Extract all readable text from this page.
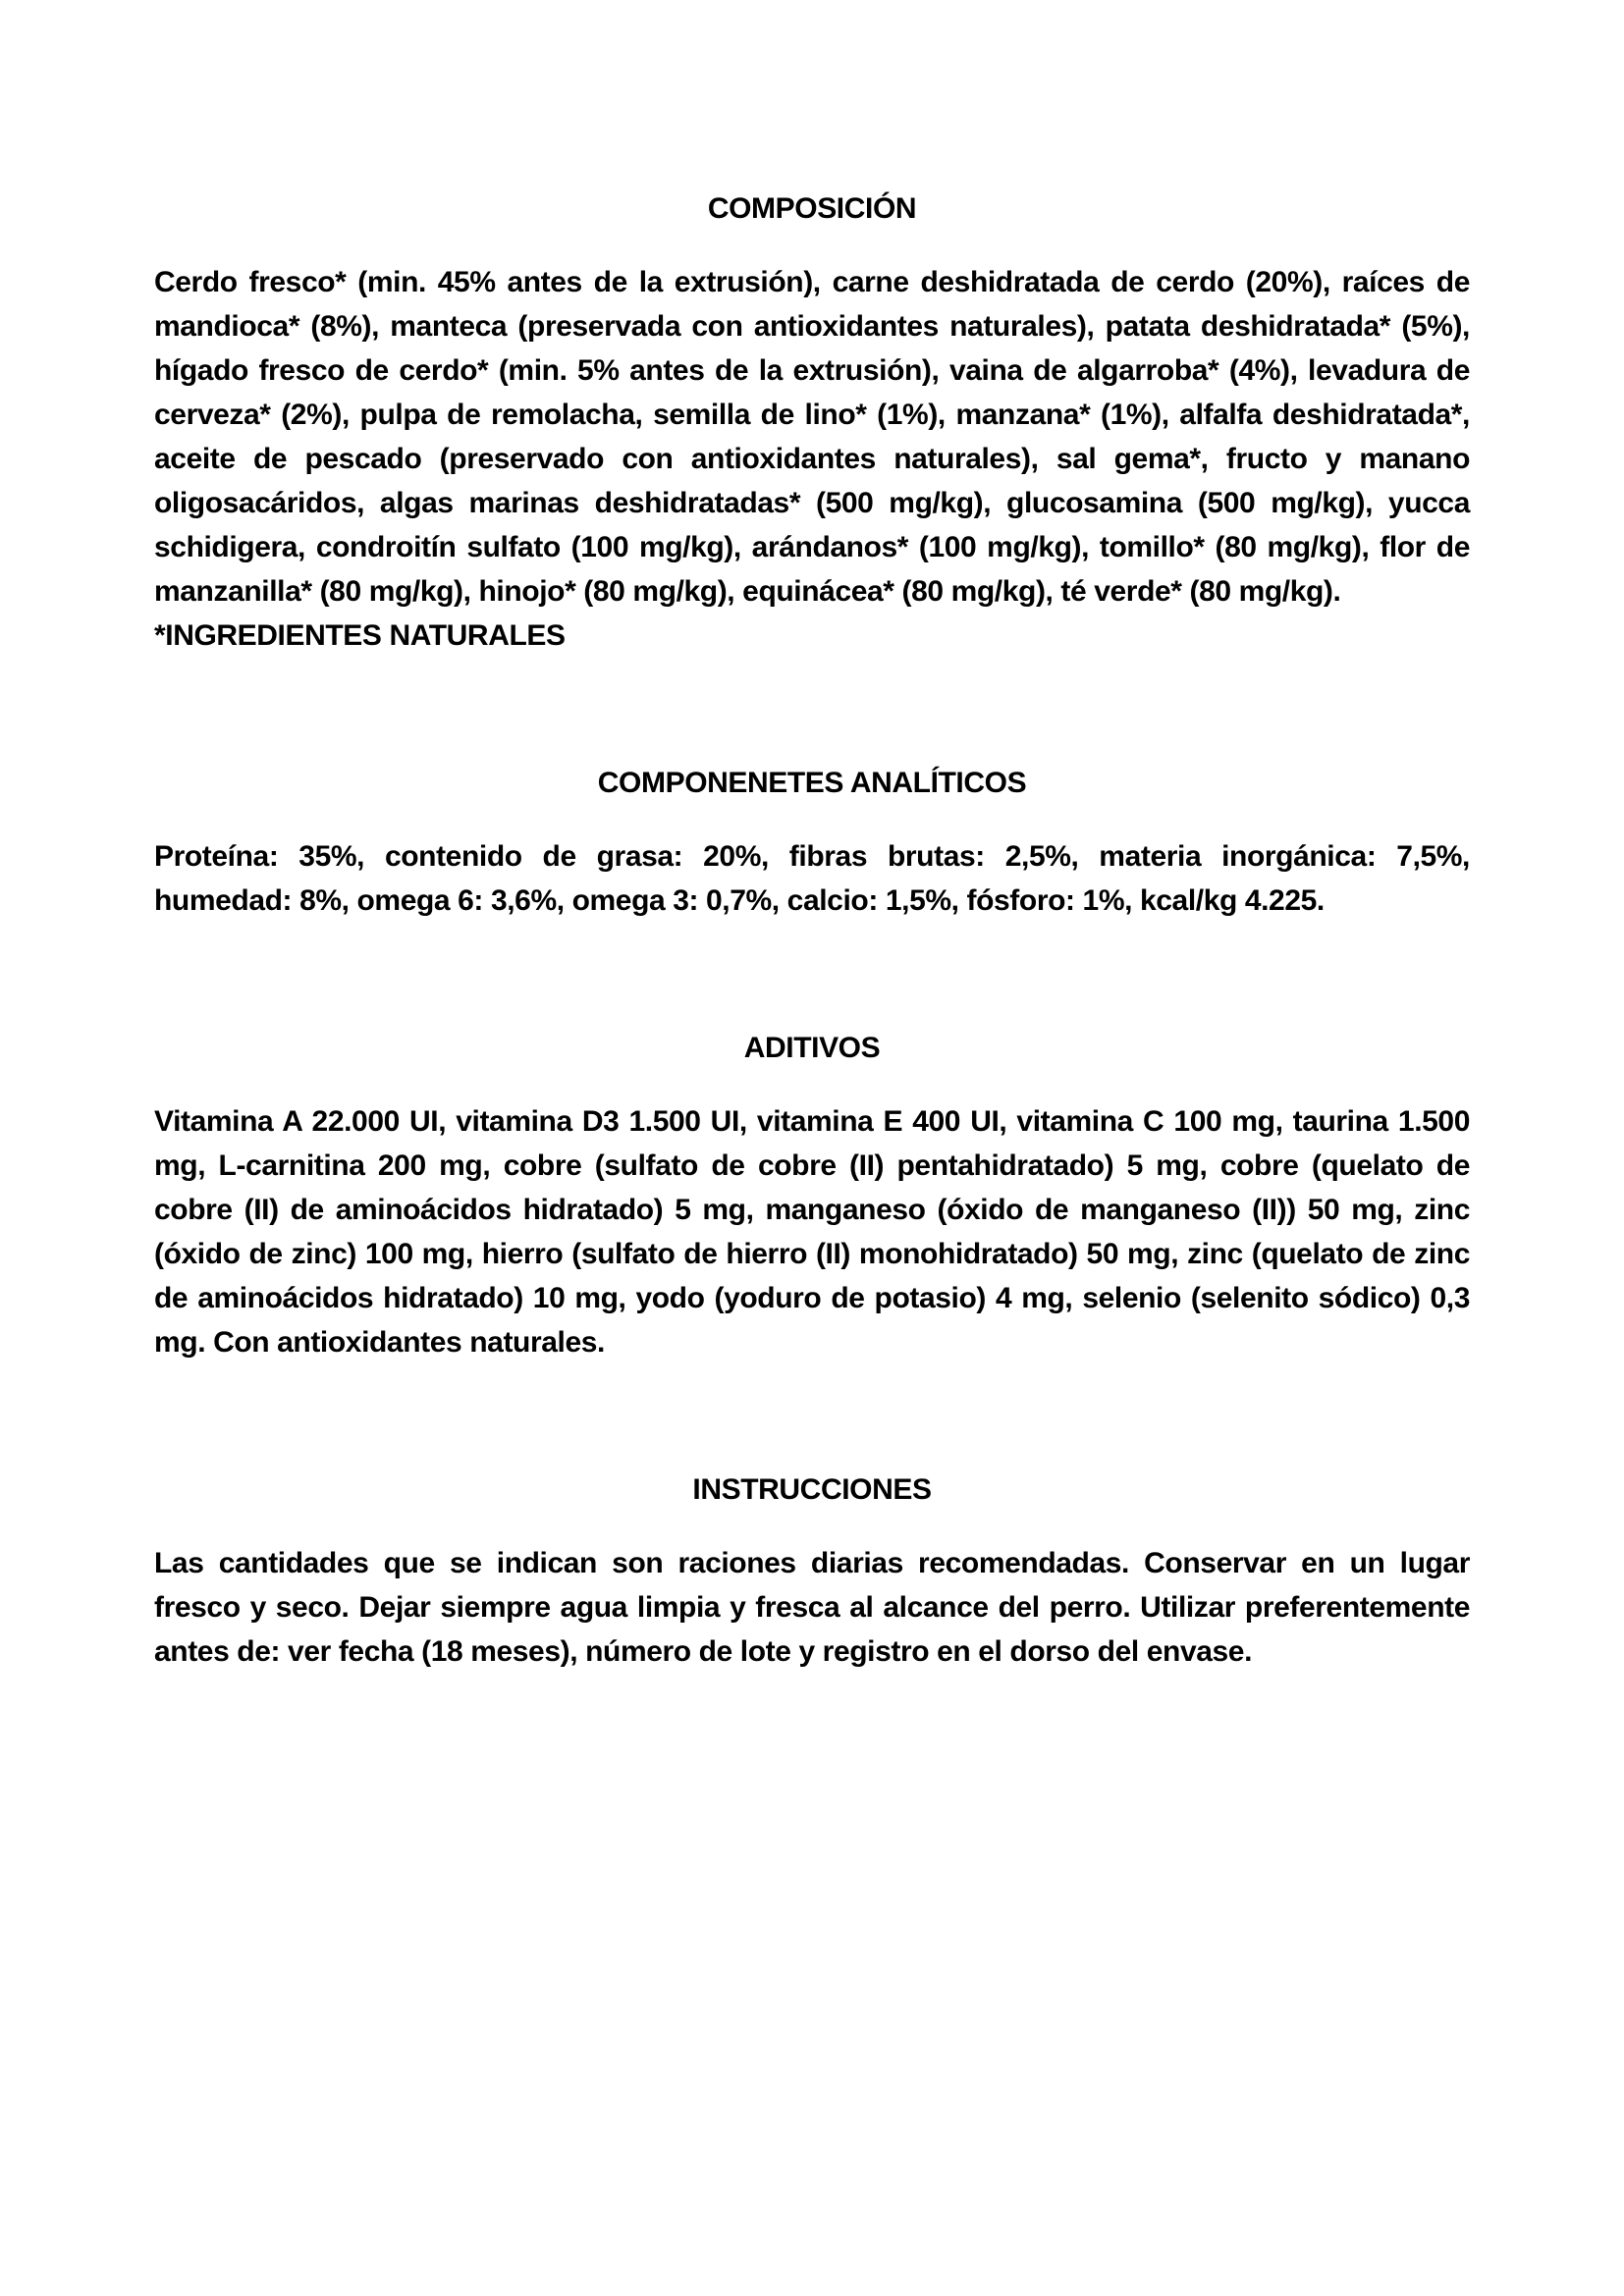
COMPOSICIÓN

Cerdo fresco* (min. 45% antes de la extrusión), carne deshidratada de cerdo (20%), raíces de mandioca* (8%), manteca (preservada con antioxidantes naturales), patata deshidratada* (5%), hígado fresco de cerdo* (min. 5% antes de la extrusión), vaina de algarroba* (4%), levadura de cerveza* (2%), pulpa de remolacha, semilla de lino* (1%), manzana* (1%), alfalfa deshidratada*, aceite de pescado (preservado con antioxidantes naturales), sal gema*, fructo y manano oligosacáridos, algas marinas deshidratadas* (500 mg/kg), glucosamina (500 mg/kg), yucca schidigera, condroitín sulfato (100 mg/kg), arándanos* (100 mg/kg), tomillo* (80 mg/kg), flor de manzanilla* (80 mg/kg), hinojo* (80 mg/kg), equinácea* (80 mg/kg), té verde* (80 mg/kg).

*INGREDIENTES NATURALES

COMPONENETES ANALÍTICOS

Proteína: 35%, contenido de grasa: 20%, fibras brutas: 2,5%, materia inorgánica: 7,5%, humedad: 8%, omega 6: 3,6%, omega 3: 0,7%, calcio: 1,5%, fósforo: 1%, kcal/kg 4.225.

ADITIVOS

Vitamina A 22.000 UI, vitamina D3 1.500 UI, vitamina E 400 UI, vitamina C 100 mg, taurina 1.500 mg, L-carnitina 200 mg, cobre (sulfato de cobre (II) pentahidratado) 5 mg, cobre (quelato de cobre (II) de aminoácidos hidratado) 5 mg, manganeso (óxido de manganeso (II)) 50 mg, zinc (óxido de zinc) 100 mg, hierro (sulfato de hierro (II) monohidratado) 50 mg, zinc (quelato de zinc de aminoácidos hidratado) 10 mg, yodo (yoduro de potasio) 4 mg, selenio (selenito sódico) 0,3 mg. Con antioxidantes naturales.

INSTRUCCIONES

Las cantidades que se indican son raciones diarias recomendadas. Conservar en un lugar fresco y seco. Dejar siempre agua limpia y fresca al alcance del perro. Utilizar preferentemente antes de: ver fecha (18 meses), número de lote y registro en el dorso del envase.
